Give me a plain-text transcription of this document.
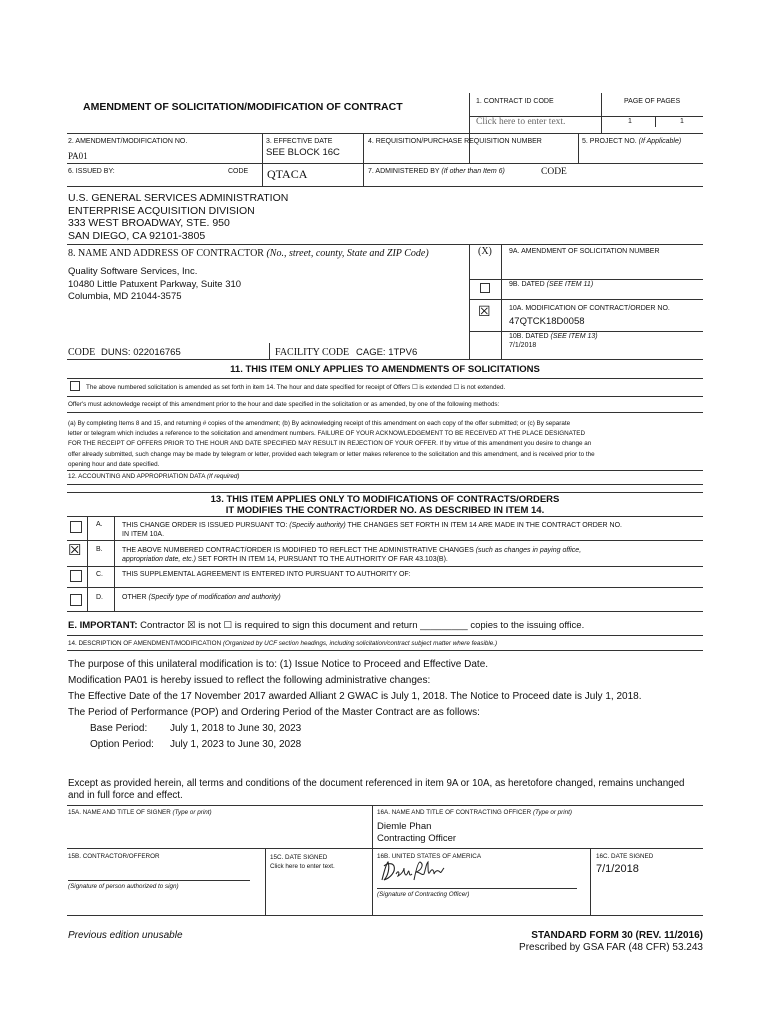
AMENDMENT OF SOLICITATION/MODIFICATION OF CONTRACT	1. CONTRACT ID CODE
Click here to enter text.
PAGE OF PAGES
1	1
2. AMENDMENT/MODIFICATION NO.
PA01
3. EFFECTIVE DATE
SEE BLOCK 16C
4. REQUISITION/PURCHASE REQUISITION NUMBER	5. PROJECT NO. (If Applicable)
6. ISSUED BY:	CODE QTACA	7. ADMINISTERED BY (If other than Item 6)	CODE
U.S. GENERAL SERVICES ADMINISTRATION
ENTERPRISE ACQUISITION DIVISION
333 WEST BROADWAY, STE. 950
SAN DIEGO, CA 92101-3805
8. NAME AND ADDRESS OF CONTRACTOR (No., street, county, State and ZIP Code)
Quality Software Services, Inc.
10480 Little Patuxent Parkway, Suite 310
Columbia, MD 21044-3575
CODE DUNS: 022016765	FACILITY CODE CAGE: 1TPV6
(X) 9A. AMENDMENT OF SOLICITATION NUMBER
9B. DATED (SEE ITEM 11)
☒	10A. MODIFICATION OF CONTRACT/ORDER NO.
47QTCK18D0058
10B. DATED (SEE ITEM 13)
7/1/2018
11. THIS ITEM ONLY APPLIES TO AMENDMENTS OF SOLICITATIONS
The above numbered solicitation is amended as set forth in item 14. The hour and date specified for receipt of Offers ☐ is extended ☐ is not extended.
Offer's must acknowledge receipt of this amendment prior to the hour and date specified in the solicitation or as amended, by one of the following methods:
(a) By completing Items 8 and 15, and returning # copies of the amendment; (b) By acknowledging receipt of this amendment on each copy of the offer submitted; or (c) By separate
letter or telegram which includes a reference to the solicitation and amendment numbers. FAILURE OF YOUR ACKNOWLEDGEMENT TO BE RECEIVED AT THE PLACE DESIGNATED
FOR THE RECEIPT OF OFFERS PRIOR TO THE HOUR AND DATE SPECIFIED MAY RESULT IN REJECTION OF YOUR OFFER. If by virtue of this amendment you desire to change an
offer already submitted, such change may be made by telegram or letter, provided each telegram or letter makes reference to the solicitation and this amendment, and is received prior to the
opening hour and date specified.
12. ACCOUNTING AND APPROPRIATION DATA (If required)
13. THIS ITEM APPLIES ONLY TO MODIFICATIONS OF CONTRACTS/ORDERS
IT MODIFIES THE CONTRACT/ORDER NO. AS DESCRIBED IN ITEM 14.
A.	THIS CHANGE ORDER IS ISSUED PURSUANT TO: (Specify authority) THE CHANGES SET FORTH IN ITEM 14 ARE MADE IN THE CONTRACT ORDER NO.
IN ITEM 10A.
☒ B.	THE ABOVE NUMBERED CONTRACT/ORDER IS MODIFIED TO REFLECT THE ADMINISTRATIVE CHANGES (such as changes in paying office,
appropriation date, etc.) SET FORTH IN ITEM 14, PURSUANT TO THE AUTHORITY OF FAR 43.103(B).
C.	THIS SUPPLEMENTAL AGREEMENT IS ENTERED INTO PURSUANT TO AUTHORITY OF:
D.	OTHER (Specify type of modification and authority)
E. IMPORTANT: Contractor ☒ is not ☐ is required to sign this document and return _________ copies to the issuing office.
14. DESCRIPTION OF AMENDMENT/MODIFICATION (Organized by UCF section headings, including solicitation/contract subject matter where feasible.)
The purpose of this unilateral modification is to: (1) Issue Notice to Proceed and Effective Date.
Modification PA01 is hereby issued to reflect the following administrative changes:
The Effective Date of the 17 November 2017 awarded Alliant 2 GWAC is July 1, 2018. The Notice to Proceed date is July 1, 2018.
The Period of Performance (POP) and Ordering Period of the Master Contract are as follows:
Base Period: July 1, 2018 to June 30, 2023
Option Period: July 1, 2023 to June 30, 2028
Except as provided herein, all terms and conditions of the document referenced in item 9A or 10A, as heretofore changed, remains unchanged
and in full force and effect.
15A. NAME AND TITLE OF SIGNER (Type or print)	16A. NAME AND TITLE OF CONTRACTING OFFICER (Type or print)
Diemle Phan
Contracting Officer
15B. CONTRACTOR/OFFEROR	15C. DATE SIGNED
Click here to enter text.
16B. UNITED STATES OF AMERICA	16C. DATE SIGNED
7/1/2018
(Signature of person authorized to sign)
(Signature of Contracting Officer)
Previous edition unusable	STANDARD FORM 30 (REV. 11/2016)
Prescribed by GSA FAR (48 CFR) 53.243
